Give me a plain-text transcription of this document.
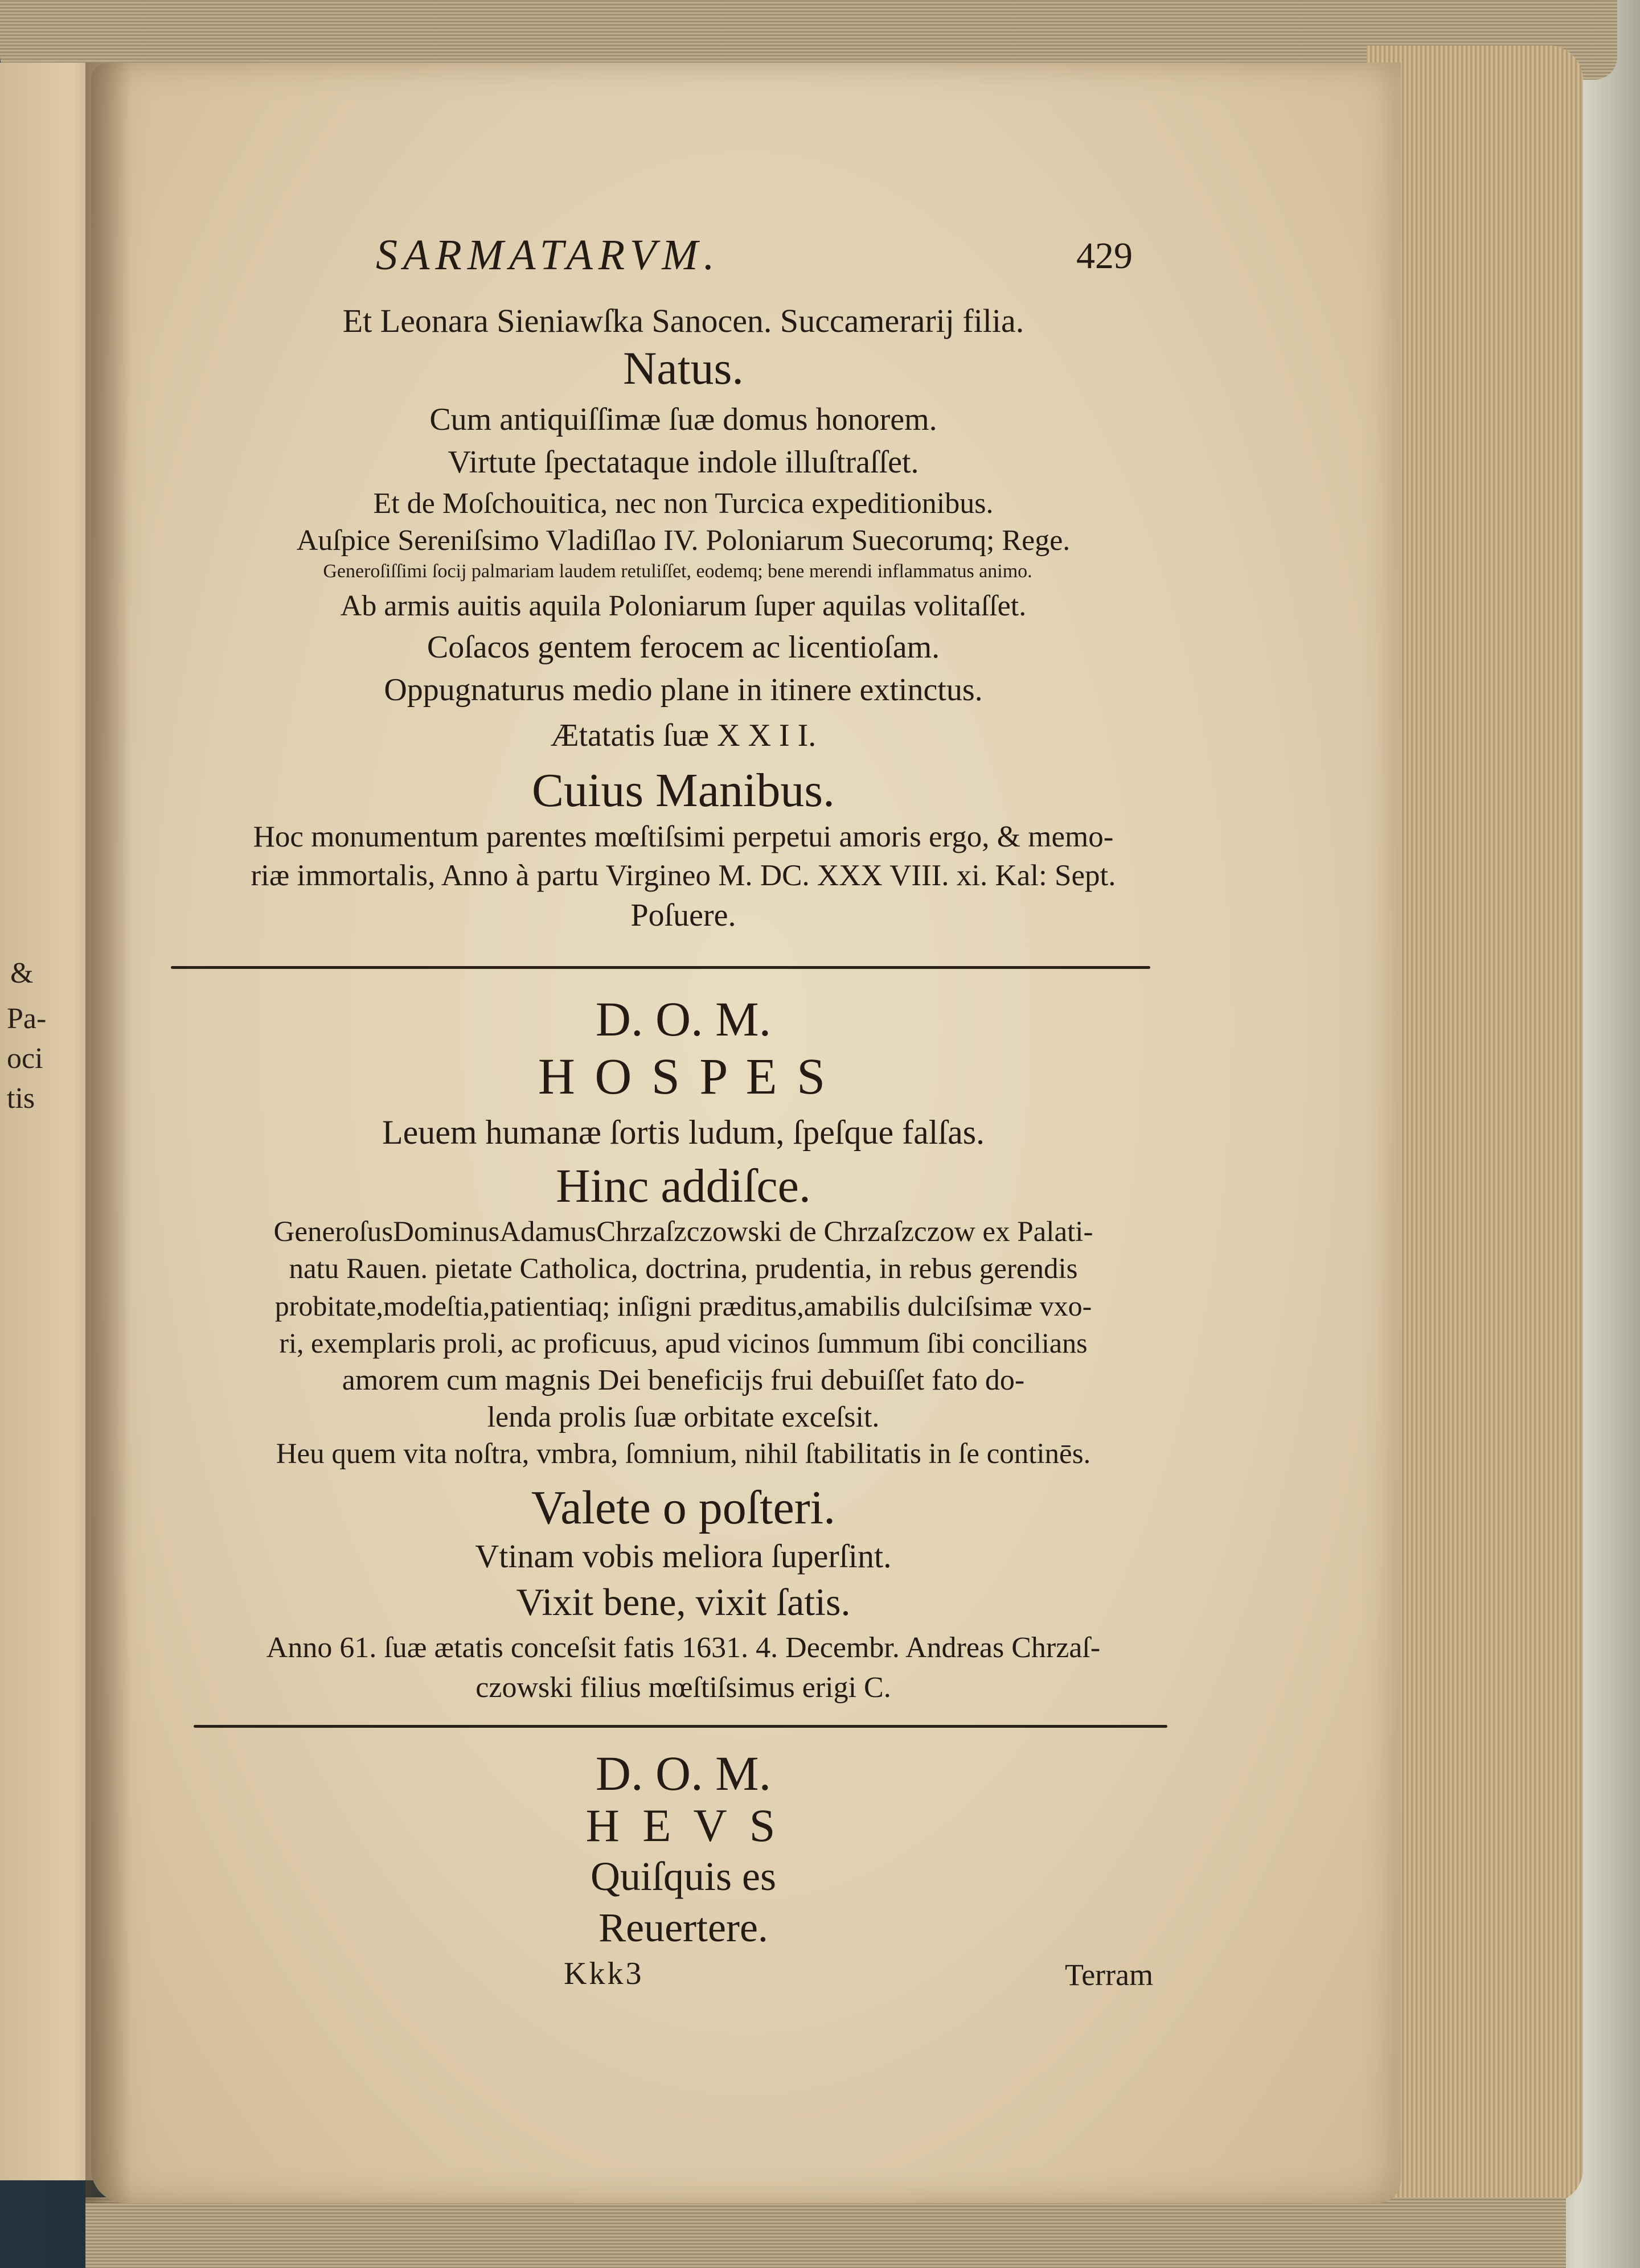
&
Pa-
oci
tis
SARMATARVM.	429
Et Leonara Sieniawſka Sanocen. Succamerarij filia.
Natus.
Cum antiquiſſimæ ſuæ domus honorem.
Virtute ſpectataque indole illuſtraſſet.
Et de Moſchouitica, nec non Turcica expeditionibus.
Auſpice Sereniſsimo Vladiſlao IV. Poloniarum Suecorumq; Rege.
Generoſiſſimi ſocij palmariam laudem retuliſſet, eodemq; bene merendi inflammatus animo.
Ab armis auitis aquila Poloniarum ſuper aquilas volitaſſet.
Coſacos gentem ferocem ac licentioſam.
Oppugnaturus medio plane in itinere extinctus.
Ætatatis ſuæ X X I I.
Cuius Manibus.
Hoc monumentum parentes mœſtiſsimi perpetui amoris ergo, & memo-
riæ immortalis, Anno à partu Virgineo M. DC. XXX VIII. xi. Kal: Sept.
Poſuere.
D. O. M.
H O S P E S
Leuem humanæ ſortis ludum, ſpeſque falſas.
Hinc addiſce.
GeneroſusDominusAdamusChrzaſzczowski de Chrzaſzczow ex Palati-
natu Rauen. pietate Catholica, doctrina, prudentia, in rebus gerendis
probitate,modeſtia,patientiaq; inſigni præditus,amabilis dulciſsimæ vxo-
ri, exemplaris proli, ac proficuus, apud vicinos ſummum ſibi concilians
amorem cum magnis Dei beneficijs frui debuiſſet fato do-
lenda prolis ſuæ orbitate exceſsit.
Heu quem vita noſtra, vmbra, ſomnium, nihil ſtabilitatis in ſe continēs.
Valete o poſteri.
Vtinam vobis meliora ſuperſint.
Vixit bene, vixit ſatis.
Anno 61. ſuæ ætatis conceſsit fatis 1631. 4. Decembr. Andreas Chrzaſ-
czowski filius mœſtiſsimus erigi C.
D. O. M.
H E V S
Quiſquis es
Reuertere.
Kkk3	Terram
